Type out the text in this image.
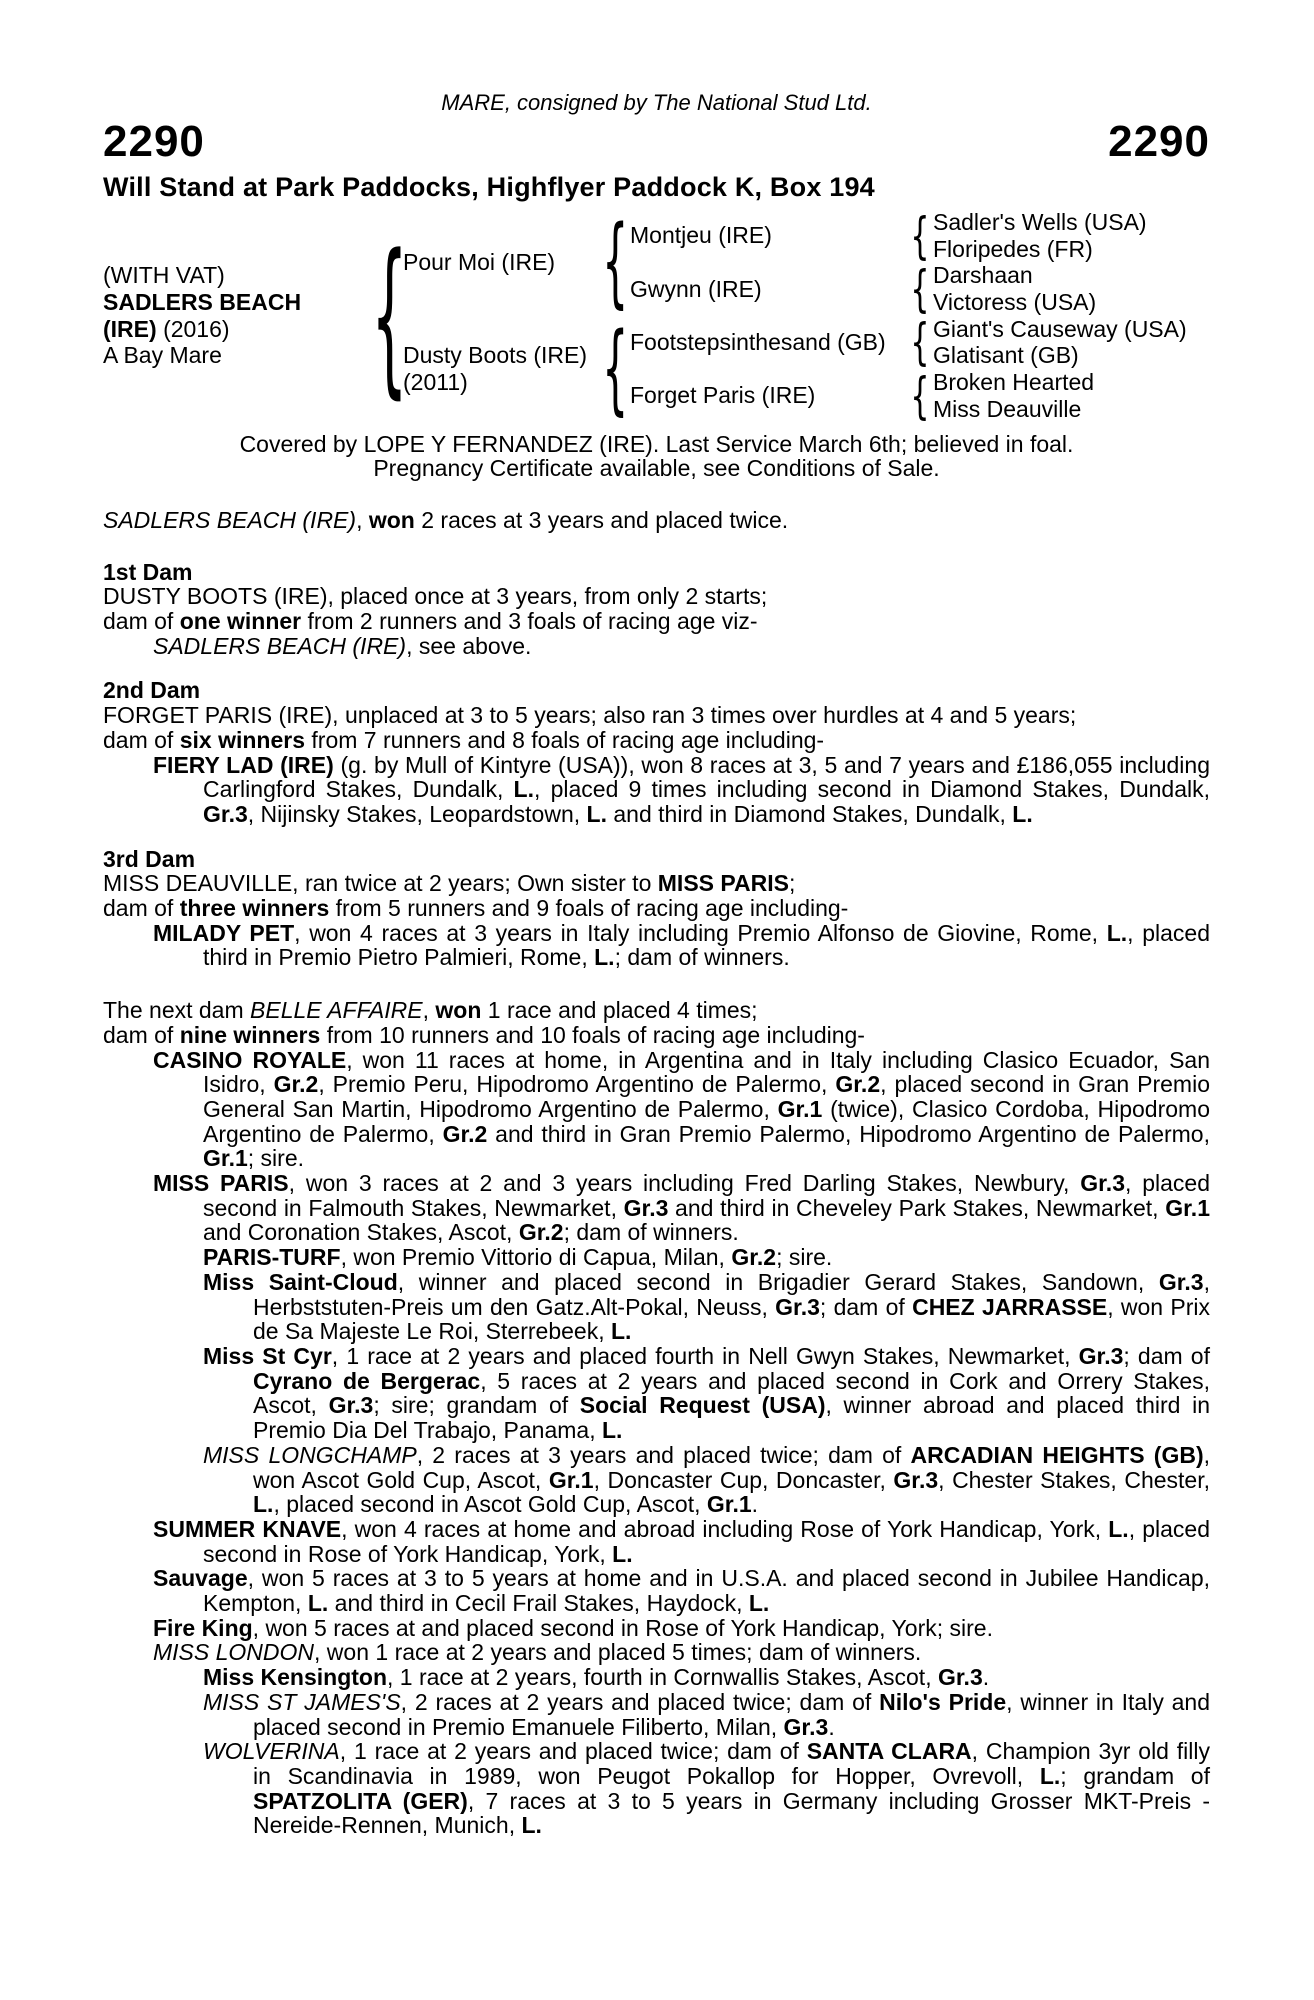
MARE, consigned by The National Stud Ltd.
2290	2290
Will Stand at Park Paddocks, Highflyer Paddock K, Box 194
(WITH VAT)
SADLERS BEACH
(IRE) (2016)
A Bay Mare {
Pour Moi (IRE)
Dusty Boots (IRE)
(2011)
{
{
Montjeu (IRE)
Gwynn (IRE)
Footstepsinthesand (GB)
Forget Paris (IRE)
{
{
{
{
Sadler's Wells (USA)
Floripedes (FR)
Darshaan
Victoress (USA)
Giant's Causeway (USA)
Glatisant (GB)
Broken Hearted
Miss Deauville
Covered by LOPE Y FERNANDEZ (IRE). Last Service March 6th; believed in foal.
Pregnancy Certificate available, see Conditions of Sale.
SADLERS BEACH (IRE), won 2 races at 3 years and placed twice.
1st Dam
DUSTY BOOTS (IRE), placed once at 3 years, from only 2 starts;
dam of one winner from 2 runners and 3 foals of racing age viz-
SADLERS BEACH (IRE), see above.
2nd Dam
FORGET PARIS (IRE), unplaced at 3 to 5 years; also ran 3 times over hurdles at 4 and 5 years;
dam of six winners from 7 runners and 8 foals of racing age including-
FIERY LAD (IRE) (g. by Mull of Kintyre (USA)), won 8 races at 3, 5 and 7 years and £186,055 including Carlingford Stakes, Dundalk, L., placed 9 times including second in Diamond Stakes, Dundalk, Gr.3, Nijinsky Stakes, Leopardstown, L. and third in Diamond Stakes, Dundalk, L.
3rd Dam
MISS DEAUVILLE, ran twice at 2 years; Own sister to MISS PARIS;
dam of three winners from 5 runners and 9 foals of racing age including-
MILADY PET, won 4 races at 3 years in Italy including Premio Alfonso de Giovine, Rome, L., placed third in Premio Pietro Palmieri, Rome, L.; dam of winners.
The next dam BELLE AFFAIRE, won 1 race and placed 4 times;
dam of nine winners from 10 runners and 10 foals of racing age including-
CASINO ROYALE, won 11 races at home, in Argentina and in Italy including Clasico Ecuador, San Isidro, Gr.2, Premio Peru, Hipodromo Argentino de Palermo, Gr.2, placed second in Gran Premio General San Martin, Hipodromo Argentino de Palermo, Gr.1 (twice), Clasico Cordoba, Hipodromo Argentino de Palermo, Gr.2 and third in Gran Premio Palermo, Hipodromo Argentino de Palermo, Gr.1; sire.
MISS PARIS, won 3 races at 2 and 3 years including Fred Darling Stakes, Newbury, Gr.3, placed second in Falmouth Stakes, Newmarket, Gr.3 and third in Cheveley Park Stakes, Newmarket, Gr.1 and Coronation Stakes, Ascot, Gr.2; dam of winners.
PARIS-TURF, won Premio Vittorio di Capua, Milan, Gr.2; sire.
Miss Saint-Cloud, winner and placed second in Brigadier Gerard Stakes, Sandown, Gr.3, Herbststuten-Preis um den Gatz.Alt-Pokal, Neuss, Gr.3; dam of CHEZ JARRASSE, won Prix de Sa Majeste Le Roi, Sterrebeek, L.
Miss St Cyr, 1 race at 2 years and placed fourth in Nell Gwyn Stakes, Newmarket, Gr.3; dam of Cyrano de Bergerac, 5 races at 2 years and placed second in Cork and Orrery Stakes, Ascot, Gr.3; sire; grandam of Social Request (USA), winner abroad and placed third in Premio Dia Del Trabajo, Panama, L.
MISS LONGCHAMP, 2 races at 3 years and placed twice; dam of ARCADIAN HEIGHTS (GB), won Ascot Gold Cup, Ascot, Gr.1, Doncaster Cup, Doncaster, Gr.3, Chester Stakes, Chester, L., placed second in Ascot Gold Cup, Ascot, Gr.1.
SUMMER KNAVE, won 4 races at home and abroad including Rose of York Handicap, York, L., placed second in Rose of York Handicap, York, L.
Sauvage, won 5 races at 3 to 5 years at home and in U.S.A. and placed second in Jubilee Handicap, Kempton, L. and third in Cecil Frail Stakes, Haydock, L.
Fire King, won 5 races at and placed second in Rose of York Handicap, York; sire.
MISS LONDON, won 1 race at 2 years and placed 5 times; dam of winners.
Miss Kensington, 1 race at 2 years, fourth in Cornwallis Stakes, Ascot, Gr.3.
MISS ST JAMES'S, 2 races at 2 years and placed twice; dam of Nilo's Pride, winner in Italy and placed second in Premio Emanuele Filiberto, Milan, Gr.3.
WOLVERINA, 1 race at 2 years and placed twice; dam of SANTA CLARA, Champion 3yr old filly in Scandinavia in 1989, won Peugot Pokallop for Hopper, Ovrevoll, L.; grandam of SPATZOLITA (GER), 7 races at 3 to 5 years in Germany including Grosser MKT-Preis - Nereide-Rennen, Munich, L.
